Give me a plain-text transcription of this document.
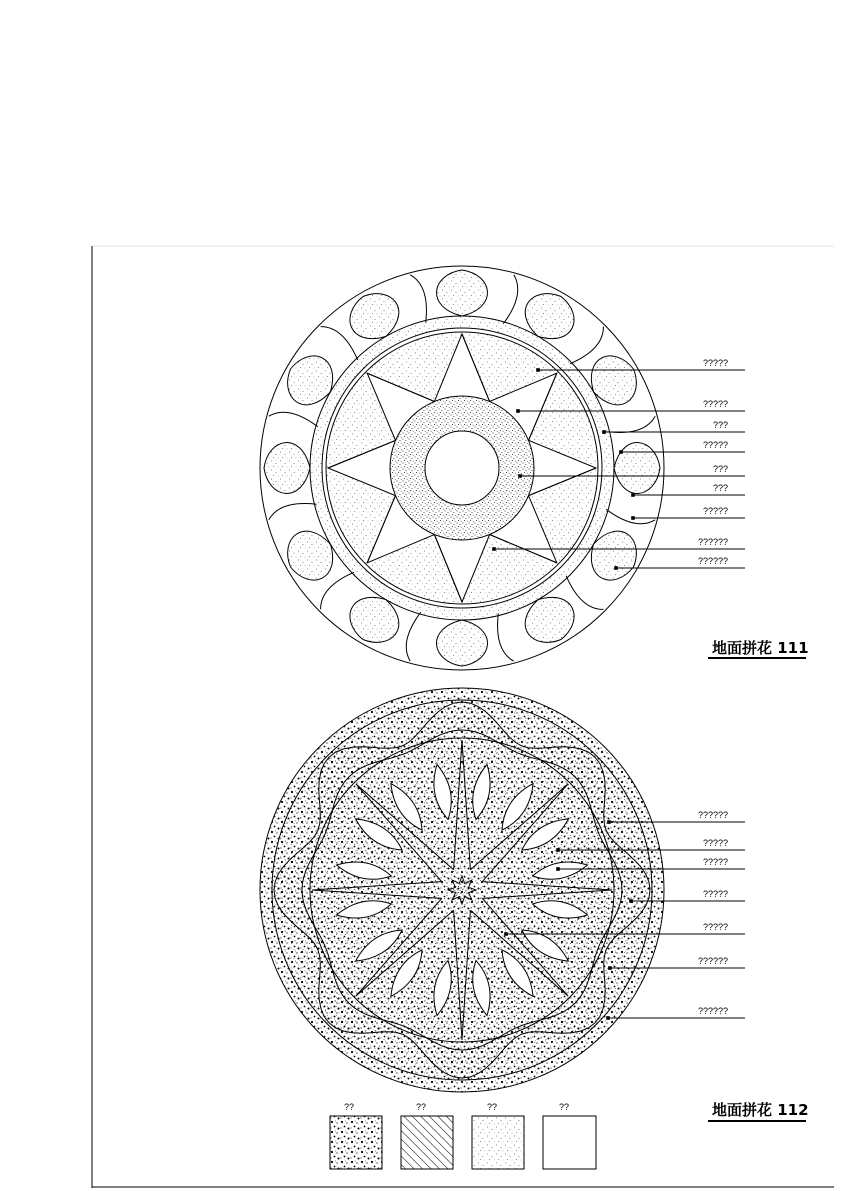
?????
?????
???
?????
???
???
?????
??????
??????
地面拼花 111
??????
?????
?????
?????
?????
??????
??????
地面拼花 112
??	??	??	??
